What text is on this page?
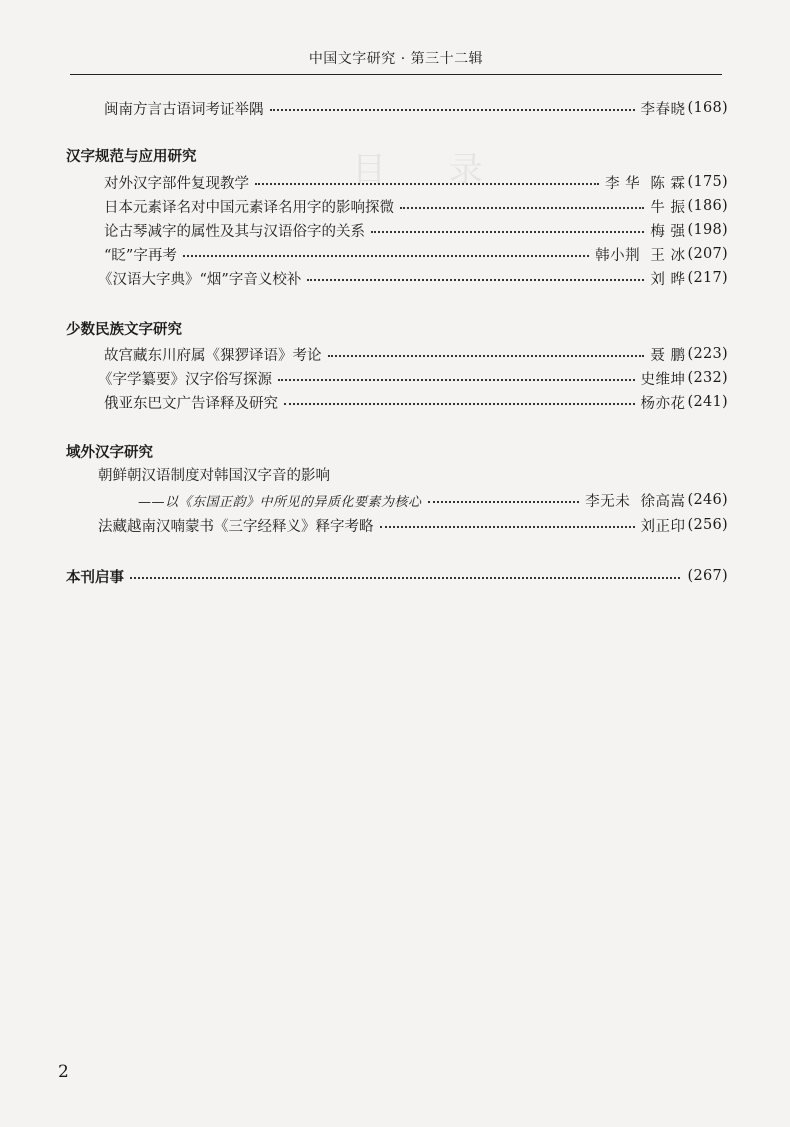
目 录
中国文字研究 · 第三十二辑
闽南方言古语词考证举隅	李春晓 (168)
汉字规范与应用研究
对外汉字部件复现教学	李 华  陈 霖 (175)
日本元素译名对中国元素译名用字的影响探微	牛 振 (186)
论古琴减字的属性及其与汉语俗字的关系	梅 强 (198)
“眨”字再考	韩小荆  王 冰 (207)
《汉语大字典》“烟”字音义校补	刘 晔 (217)
少数民族文字研究
故宫藏东川府属《猓猡译语》考论	聂 鹏 (223)
《字学纂要》汉字俗写探源	史维坤 (232)
俄亚东巴文广告译释及研究	杨亦花 (241)
域外汉字研究
朝鲜朝汉语制度对韩国汉字音的影响
——以《东国正韵》中所见的异质化要素为核心	李无未  徐高嵩 (246)
法藏越南汉喃蒙书《三字经释义》释字考略	刘正印 (256)
本刊启事	(267)
2
